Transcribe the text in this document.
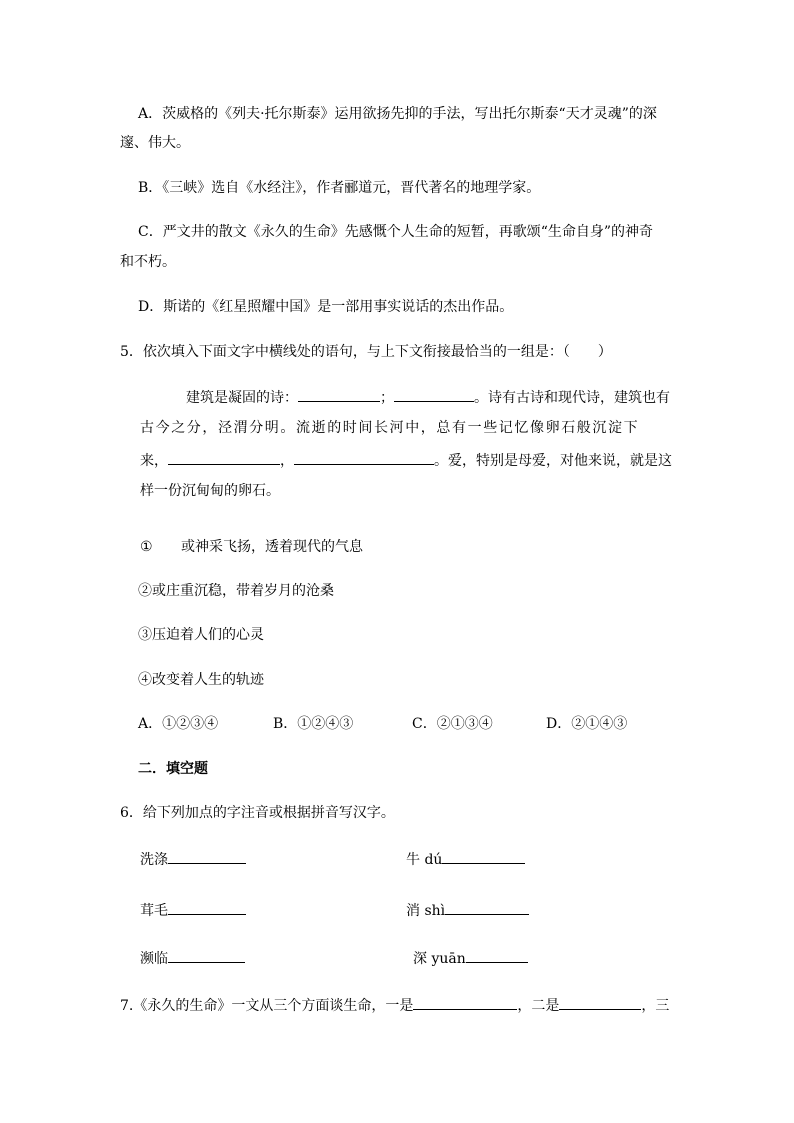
A．茨威格的《列夫·托尔斯泰》运用欲扬先抑的手法，写出托尔斯泰“天才灵魂”的深
邃、伟大。
B．《三峡》选自《水经注》，作者郦道元，晋代著名的地理学家。
C．严文井的散文《永久的生命》先感慨个人生命的短暂，再歌颂“生命自身”的神奇
和不朽。
D．斯诺的《红星照耀中国》是一部用事实说话的杰出作品。
5．依次填入下面文字中横线处的语句，与上下文衔接最恰当的一组是：（　　）
建筑是凝固的诗：	；	。诗有古诗和现代诗，建筑也有
古今之分，泾渭分明。流逝的时间长河中，总有一些记忆像卵石般沉淀下
来，	，	。爱，特别是母爱，对他来说，就是这
样一份沉甸甸的卵石。
① 或神采飞扬，透着现代的气息
②或庄重沉稳，带着岁月的沧桑
③压迫着人们的心灵
④改变着人生的轨迹
A．①②③④	B．①②④③	C．②①③④	D．②①④③
二．填空题
6．给下列加点的字注音或根据拼音写汉字。
洗涤	牛 dú
茸毛	消 shì
濒临	深 yuān
7.《永久的生命》一文从三个方面谈生命，一是	，二是	，三
